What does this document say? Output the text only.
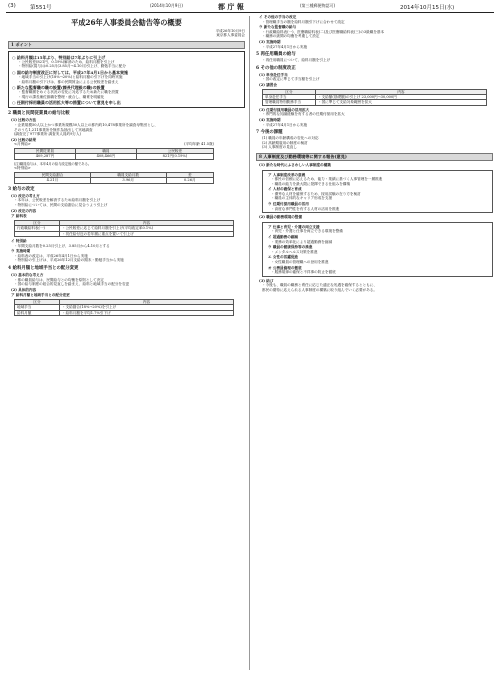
(3)	第551号	(2014年10月9日)	都 庁 報	(第三種郵便物認可)	2014年10月15日(水)
平成26年人事委員会勧告等の概要
平成26年10月9日
東京都人事委員会
1 ポイント
○ 給料月額は15年ぶり、特別給は7年ぶりに引上げ
・公民較差(821円、0.19%)解消のため、給料月額を引上げ
・特別給(賞与)は0.25月(3.85月→4.10月)引上げ、勤勉手当に配分
○ 国の給与制度改正に対しては、平成27年4月1日から基本実施
・地域手当の引上げ(18%→20%)と給料月額の引下げを同時実施
・給料月額の引下げは、都の民間賃金による公民較差を踏まえ
○ 新たな監督職の職の設置(課長代理級の職)の設置
・監督職層をめぐる状況の変化に対応するため新たに職を設置
・現行の課長補佐級職を整理・統合し、職責を明確化
○ 任期付採用職員の活用拡大等の措置について意見を申し出
2 職員と民間従業員の給与比較
(1) 比較の方法
・企業規模50人以上かつ事業所規模50人以上の都内約10,478事業所を調査母集団とし、
そのうち1,211事業所を無作為抽出して実地調査
(調査完了977事業所 調査実人員約9万人)
(2) 比較の結果
<月例給>	(平均年齢 41.5歳)
民間従業員	職員	公民較差
409,287円	408,466円	821円(0.19%)
(注)職員給与は、本年4月の給与改定後の額である。
<特別給>
民間支給割合	職員支給月数	差
4.21月	3.96月	0.26月
3 給与の改定
(1) 改定の考え方
・本年は、公民較差を解消するため給料月額を引上げ
・特別給については、民間の支給割合に見合うよう引上げ
(2) 改定の内容
ア 給料表
区分	内容
行政職給料表(一)	・公民較差に応じて給料月額を引上げ(平均改定率0.1%)
	・初任給付近の若年層に重点を置いて引上げ
イ 特別給
・年間支給月数を0.25月引上げ、3.85月から4.10月とする
ウ 実施時期
・給料表の改定は、平成26年4月1日から実施
・特別給の引上げは、平成26年12月支給の期末・勤勉手当から実施
4 給料月額と地域手当との配分変更
(1) 基本的な考え方
・都の職員給与は、民間給与との均衡を原則として決定
・国の給与制度の総合的見直しを踏まえ、給料と地域手当の配分を変更
(2) 具体的内容
ア 給料月額と地域手当との配分変更
区分	内容
地域手当	・支給割合(18%→20%)を引上げ
給料月額	・給料月額を平均1.7%引下げ
イ その他の手当の改定
・管理職手当の額を給料月額引下げに合わせて改定
ウ 新たな監督職の給与
・行政職給料表(一)、医療職給料表(二)及び医療職給料表(三)の3級職を基本
・職務の級間の均衡を考慮して設定
(3) 実施時期
・平成27年4月1日から実施
5 再任用職員の給与
・再任用職員について、給料月額を引上げ
6 その他の制度改正
(1) 単身赴任手当
・国の改定に準じて手当額を引上げ
(2) 講習会
区分	内容
単身赴任手当	・支給額(基礎額)の引上げ 23,000円→30,000円
管理職員特別勤務手当	・国に準じて支給対象範囲を拡大
(3) 任期付採用職員の活用拡大
・専門的な知識経験を有する者の任期付採用を拡大
(4) 実施時期
・平成27年4月1日から実施
7 今後の課題
(1) 職員の年齢構成の変化への対応
(2) 高齢期雇用の制度の検討
(3) 人事制度の見直し
8 人事制度及び勤務環境等に関する報告(意見)
(1) 新たな時代にふさわしい人事制度の構築
ア 人事制度改革の意義
・都民の信頼に応えるため、能力・業績に基づく人事管理を一層推進
・職員の能力を最大限に発揮できる仕組みを構築
イ 人材の確保と育成
・優秀な人材を確保するため、採用試験の在り方を検討
・職員の主体的なキャリア形成を支援
ウ 任期付採用職員の活用
・高度な専門性を有する人材の活用を推進
(2) 職員の勤務環境の整備
ア 仕事と育児・介護の両立支援
・育児・介護と仕事を両立できる環境を整備
イ 超過勤務の縮減
・業務の効率化により超過勤務を縮減
ウ 職員の健康保持等の推進
・メンタルヘルス対策を推進
エ 女性の活躍促進
・女性職員の管理職への登用を推進
オ 公務員倫理の徹底
・服務規律の確保と不祥事の防止を徹底
(3) 結び
・今後も、職員の職務と責任に応じた適正な処遇を確保するとともに、
都民の期待に応えられる人事制度の構築に取り組んでいく必要がある。
